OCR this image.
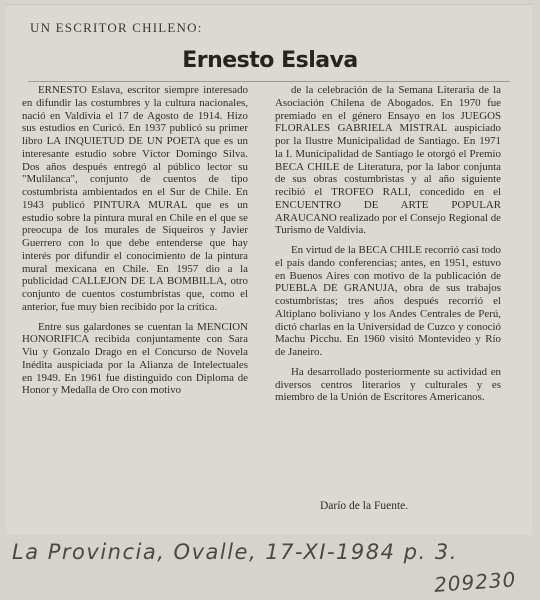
UN ESCRITOR CHILENO:
Ernesto Eslava

ERNESTO Eslava, escritor siempre interesado en difundir las costumbres y la cultura nacionales, nació en Valdivia el 17 de Agosto de 1914. Hizo sus estudios en Curicó. En 1937 publicó su primer libro LA INQUIETUD DE UN POETA que es un interesante estudio sobre Víctor Domingo Silva. Dos años después entregó al público lector su "Mulilanca", conjunto de cuentos de tipo costumbrista ambientados en el Sur de Chile. En 1943 publicó PINTURA MURAL que es un estudio sobre la pintura mural en Chile en el que se preocupa de los murales de Siqueiros y Javier Guerrero con lo que debe entenderse que hay interés por difundir el conocimiento de la pintura mural mexicana en Chile. En 1957 dio a la publicidad CALLEJON DE LA BOMBILLA, otro conjunto de cuentos costumbristas que, como el anterior, fue muy bien recibido por la crítica.

Entre sus galardones se cuentan la MENCION HONORIFICA recibida conjuntamente con Sara Viu y Gonzalo Drago en el Concurso de Novela Inédita auspiciada por la Alianza de Intelectuales en 1949. En 1961 fue distinguido con Diploma de Honor y Medalla de Oro con motivo

de la celebración de la Semana Literaria de la Asociación Chilena de Abogados. En 1970 fue premiado en el género Ensayo en los JUEGOS FLORALES GABRIELA MISTRAL auspiciado por la Ilustre Municipalidad de Santiago. En 1971 la I. Municipalidad de Santiago le otorgó el Premio BECA CHILE de Literatura, por la labor conjunta de sus obras costumbristas y al año siguiente recibió el TROFEO RALI, concedido en el ENCUENTRO DE ARTE POPULAR ARAUCANO realizado por el Consejo Regional de Turismo de Valdivia.

En virtud de la BECA CHILE recorrió casi todo el país dando conferencias; antes, en 1951, estuvo en Buenos Aires con motivo de la publicación de PUEBLA DE GRANUJA, obra de sus trabajos costumbristas; tres años después recorrió el Altiplano boliviano y los Andes Centrales de Perú, dictó charlas en la Universidad de Cuzco y conoció Machu Picchu. En 1960 visitó Montevideo y Río de Janeiro.

Ha desarrollado posteriormente su actividad en diversos centros literarios y culturales y es miembro de la Unión de Escritores Americanos.

Darío de la Fuente.
La Provincia, Ovalle, 17-XI-1984 p. 3.
209230
